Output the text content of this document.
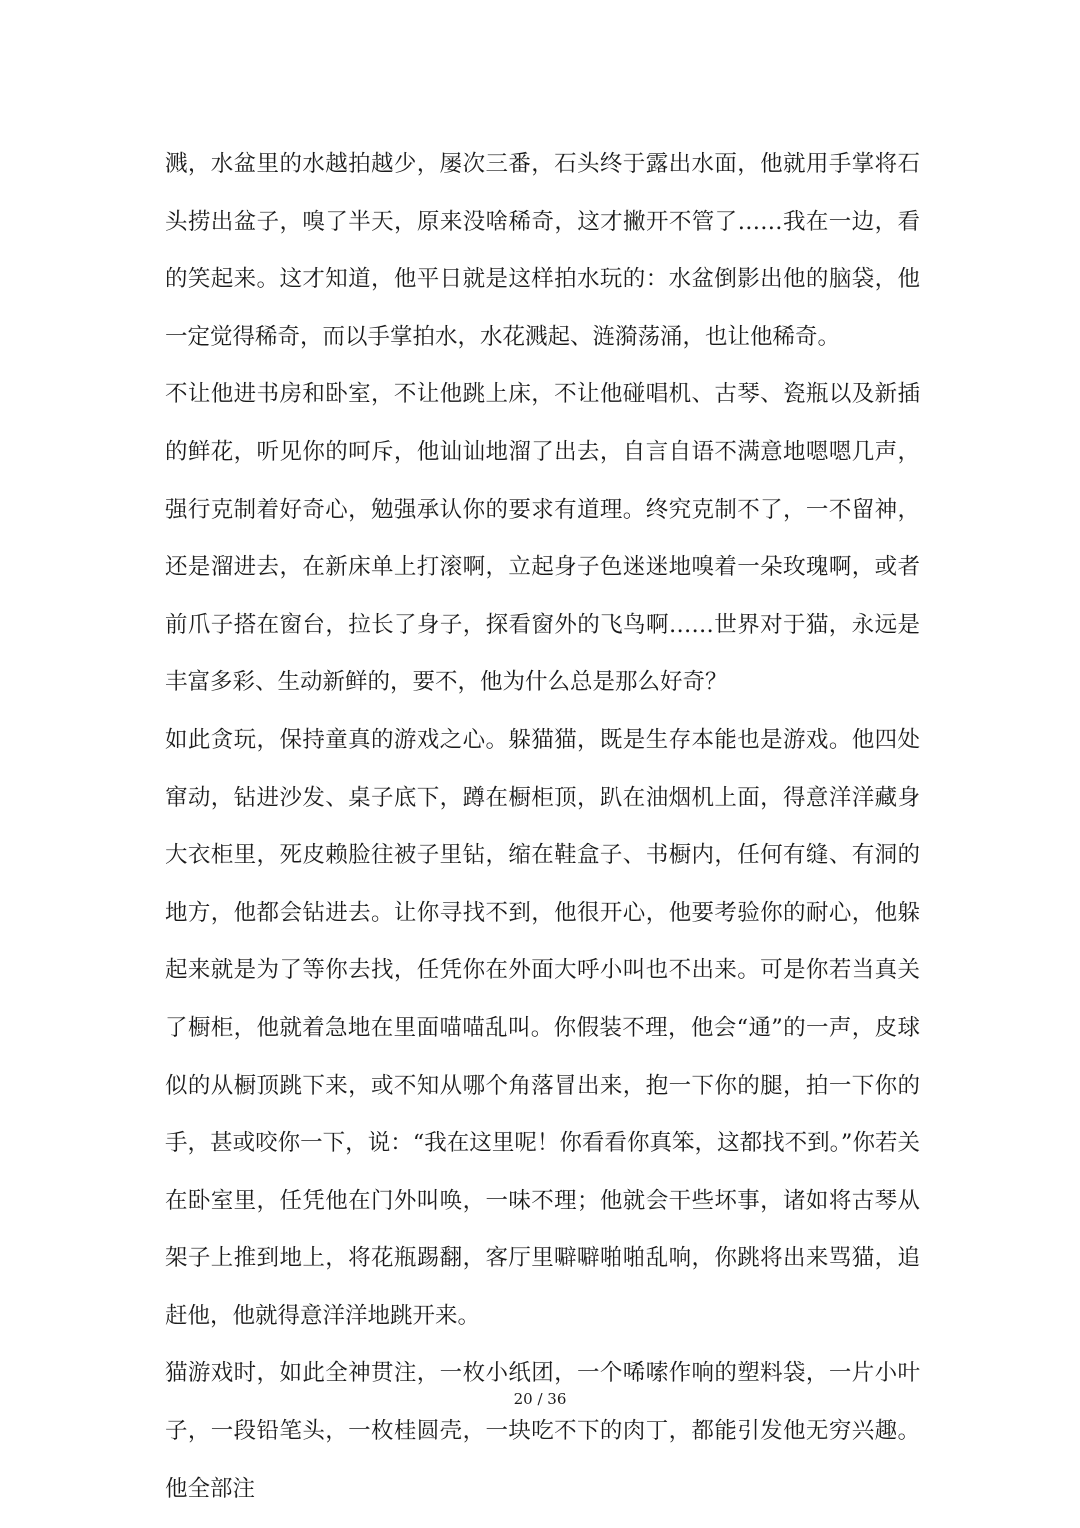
溅，水盆里的水越拍越少，屡次三番，石头终于露出水面，他就用手掌将石头捞出盆子，嗅了半天，原来没啥稀奇，这才撇开不管了……我在一边，看的笑起来。这才知道，他平日就是这样拍水玩的：水盆倒影出他的脑袋，他一定觉得稀奇，而以手掌拍水，水花溅起、涟漪荡涌，也让他稀奇。

不让他进书房和卧室，不让他跳上床，不让他碰唱机、古琴、瓷瓶以及新插的鲜花，听见你的呵斥，他讪讪地溜了出去，自言自语不满意地嗯嗯几声，强行克制着好奇心，勉强承认你的要求有道理。终究克制不了，一不留神，还是溜进去，在新床单上打滚啊，立起身子色迷迷地嗅着一朵玫瑰啊，或者前爪子搭在窗台，拉长了身子，探看窗外的飞鸟啊……世界对于猫，永远是丰富多彩、生动新鲜的，要不，他为什么总是那么好奇？

如此贪玩，保持童真的游戏之心。躲猫猫，既是生存本能也是游戏。他四处窜动，钻进沙发、桌子底下，蹲在橱柜顶，趴在油烟机上面，得意洋洋藏身大衣柜里，死皮赖脸往被子里钻，缩在鞋盒子、书橱内，任何有缝、有洞的地方，他都会钻进去。让你寻找不到，他很开心，他要考验你的耐心，他躲起来就是为了等你去找，任凭你在外面大呼小叫也不出来。可是你若当真关了橱柜，他就着急地在里面喵喵乱叫。你假装不理，他会“通”的一声，皮球似的从橱顶跳下来，或不知从哪个角落冒出来，抱一下你的腿，拍一下你的手，甚或咬你一下，说：“我在这里呢！你看看你真笨，这都找不到。”你若关在卧室里，任凭他在门外叫唤，一味不理；他就会干些坏事，诸如将古琴从架子上推到地上，将花瓶踢翻，客厅里噼噼啪啪乱响，你跳将出来骂猫，追赶他，他就得意洋洋地跳开来。

猫游戏时，如此全神贯注，一枚小纸团，一个唏嗦作响的塑料袋，一片小叶子，一段铅笔头，一枚桂圆壳，一块吃不下的肉丁，都能引发他无穷兴趣。他全部注

20 / 36
